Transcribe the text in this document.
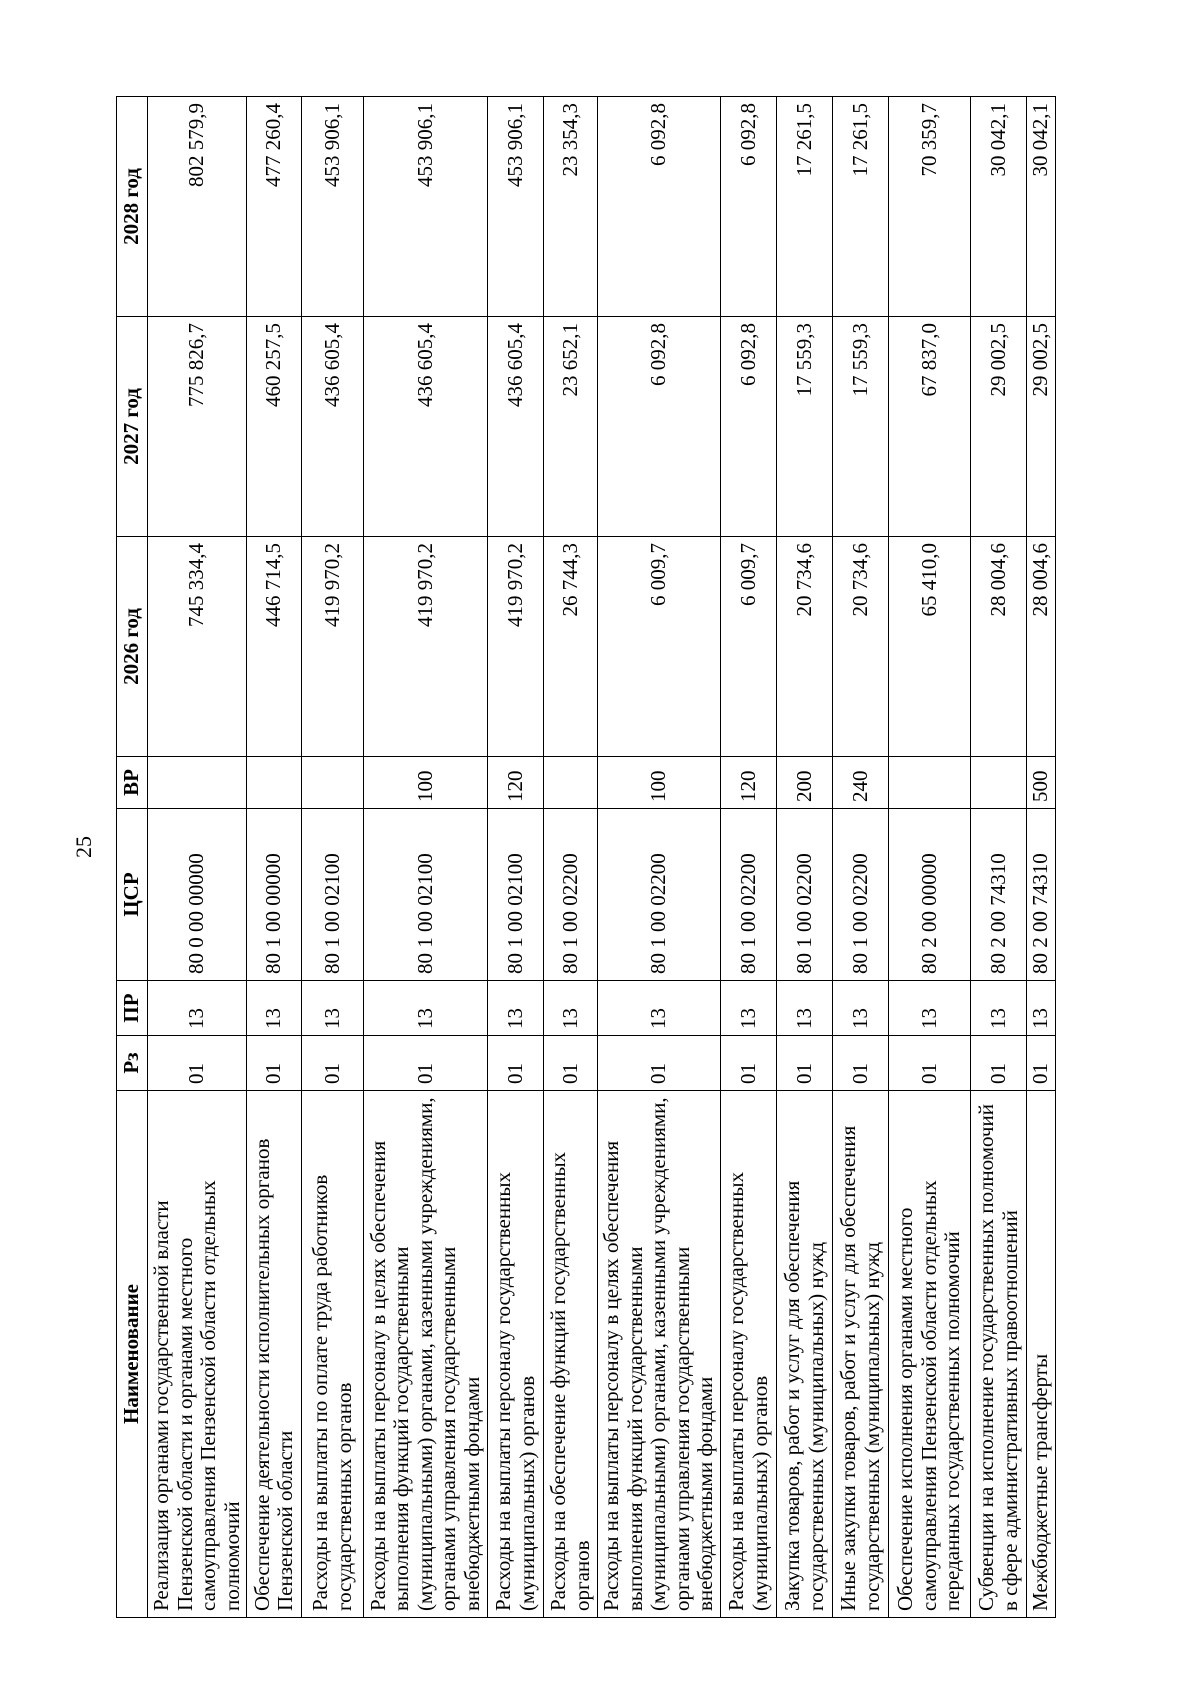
25
Наименование	Рз	ПР	ЦСР	ВР	2026 год	2027 год	2028 год
Реализация органами государственной власти Пензенской области и органами местного самоуправления Пензенской области отдельных полномочий	01	13	80 0 00 00000		745 334,4	775 826,7	802 579,9
Обеспечение деятельности исполнительных органов Пензенской области	01	13	80 1 00 00000		446 714,5	460 257,5	477 260,4
Расходы на выплаты по оплате труда работников государственных органов	01	13	80 1 00 02100		419 970,2	436 605,4	453 906,1
Расходы на выплаты персоналу в целях обеспечения выполнения функций государственными (муниципальными) органами, казенными учреждениями, органами управления государственными внебюджетными фондами	01	13	80 1 00 02100	100	419 970,2	436 605,4	453 906,1
Расходы на выплаты персоналу государственных (муниципальных) органов	01	13	80 1 00 02100	120	419 970,2	436 605,4	453 906,1
Расходы на обеспечение функций государственных органов	01	13	80 1 00 02200		26 744,3	23 652,1	23 354,3
Расходы на выплаты персоналу в целях обеспечения выполнения функций государственными (муниципальными) органами, казенными учреждениями, органами управления государственными внебюджетными фондами	01	13	80 1 00 02200	100	6 009,7	6 092,8	6 092,8
Расходы на выплаты персоналу государственных (муниципальных) органов	01	13	80 1 00 02200	120	6 009,7	6 092,8	6 092,8
Закупка товаров, работ и услуг для обеспечения государственных (муниципальных) нужд	01	13	80 1 00 02200	200	20 734,6	17 559,3	17 261,5
Иные закупки товаров, работ и услуг для обеспечения государственных (муниципальных) нужд	01	13	80 1 00 02200	240	20 734,6	17 559,3	17 261,5
Обеспечение исполнения органами местного самоуправления Пензенской области отдельных переданных государственных полномочий	01	13	80 2 00 00000		65 410,0	67 837,0	70 359,7
Субвенции на исполнение государственных полномочий в сфере административных правоотношений	01	13	80 2 00 74310		28 004,6	29 002,5	30 042,1
Межбюджетные трансферты	01	13	80 2 00 74310	500	28 004,6	29 002,5	30 042,1
